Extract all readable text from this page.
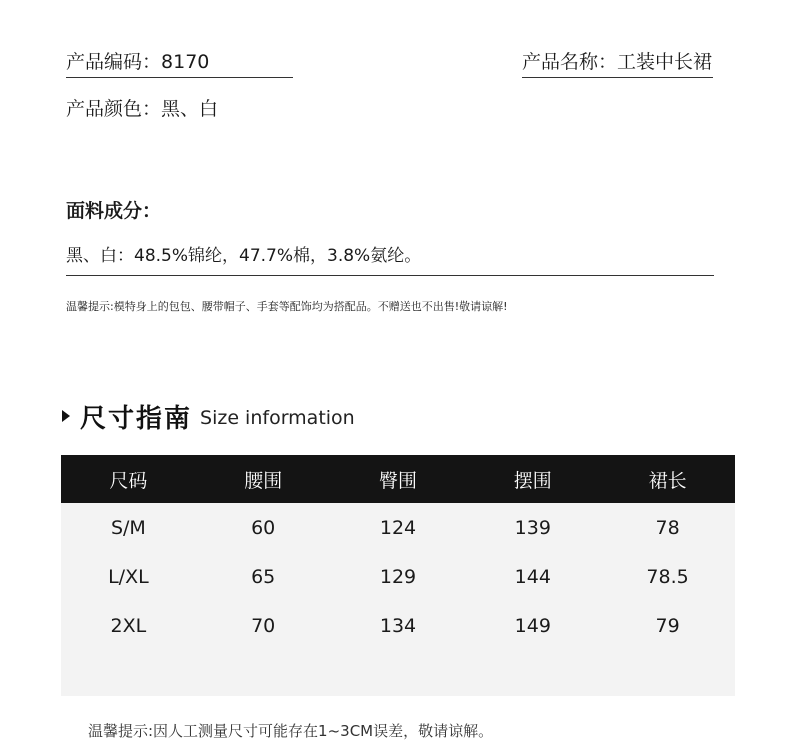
产品编码：8170	产品名称：工装中长裙
产品颜色：黑、白
面料成分：
黑、白：48.5%锦纶，47.7%棉，3.8%氨纶。
温馨提示:模特身上的包包、腰带帽子、手套等配饰均为搭配品。不赠送也不出售!敬请谅解!
尺寸指南 Size information
尺码	腰围	臀围	摆围	裙长
S/M	60	124	139	78
L/XL	65	129	144	78.5
2XL	70	134	149	79
温馨提示:因人工测量尺寸可能存在1~3CM误差，敬请谅解。
